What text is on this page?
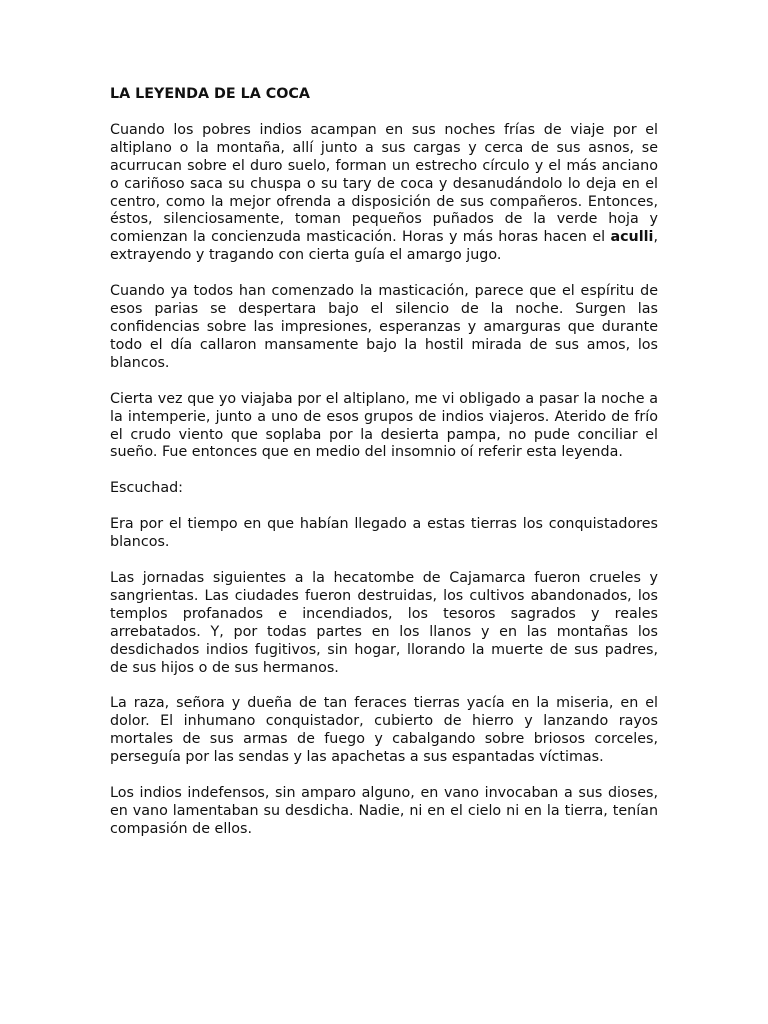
LA LEYENDA DE LA COCA
Cuando los pobres indios acampan en sus noches frías de viaje por el altiplano o la montaña, allí junto a sus cargas y cerca de sus asnos, se acurrucan sobre el duro suelo, forman un estrecho círculo y el más anciano o cariñoso saca su chuspa o su tary de coca y desanudándolo lo deja en el centro, como la mejor ofrenda a disposición de sus compañeros. Entonces, éstos, silenciosamente, toman pequeños puñados de la verde hoja y comienzan la concienzuda masticación. Horas y más horas hacen el aculli, extrayendo y tragando con cierta guía el amargo jugo.
Cuando ya todos han comenzado la masticación, parece que el espíritu de esos parias se despertara bajo el silencio de la noche. Surgen las confidencias sobre las impresiones, esperanzas y amarguras que durante todo el día callaron mansamente bajo la hostil mirada de sus amos, los blancos.
Cierta vez que yo viajaba por el altiplano, me vi obligado a pasar la noche a la intemperie, junto a uno de esos grupos de indios viajeros. Aterido de frío el crudo viento que soplaba por la desierta pampa, no pude conciliar el sueño. Fue entonces que en medio del insomnio oí referir esta leyenda.
Escuchad:
Era por el tiempo en que habían llegado a estas tierras los conquistadores blancos.
Las jornadas siguientes a la hecatombe de Cajamarca fueron crueles y sangrientas. Las ciudades fueron destruidas, los cultivos abandonados, los templos profanados e incendiados, los tesoros sagrados y reales arrebatados. Y, por todas partes en los llanos y en las montañas los desdichados indios fugitivos, sin hogar, llorando la muerte de sus padres, de sus hijos o de sus hermanos.
La raza, señora y dueña de tan feraces tierras yacía en la miseria, en el dolor. El inhumano conquistador, cubierto de hierro y lanzando rayos mortales de sus armas de fuego y cabalgando sobre briosos corceles, perseguía por las sendas y las apachetas a sus espantadas víctimas.
Los indios indefensos, sin amparo alguno, en vano invocaban a sus dioses, en vano lamentaban su desdicha. Nadie, ni en el cielo ni en la tierra, tenían compasión de ellos.
